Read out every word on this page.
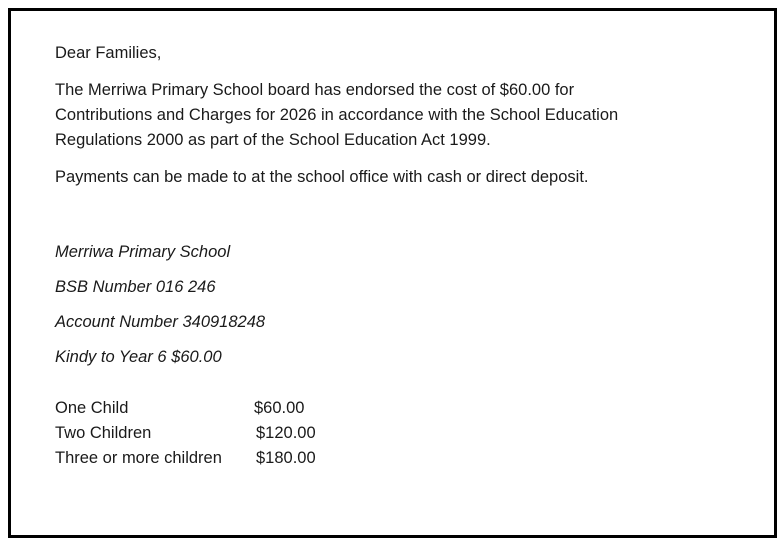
Dear Families,
The Merriwa Primary School board has endorsed the cost of $60.00 for
Contributions and Charges for 2026 in accordance with the School Education
Regulations 2000 as part of the School Education Act 1999.
Payments can be made to at the school office with cash or direct deposit.
Merriwa Primary School
BSB Number 016 246
Account Number 340918248
Kindy to Year 6 $60.00
One Child	$60.00
Two Children	$120.00
Three or more children $180.00
